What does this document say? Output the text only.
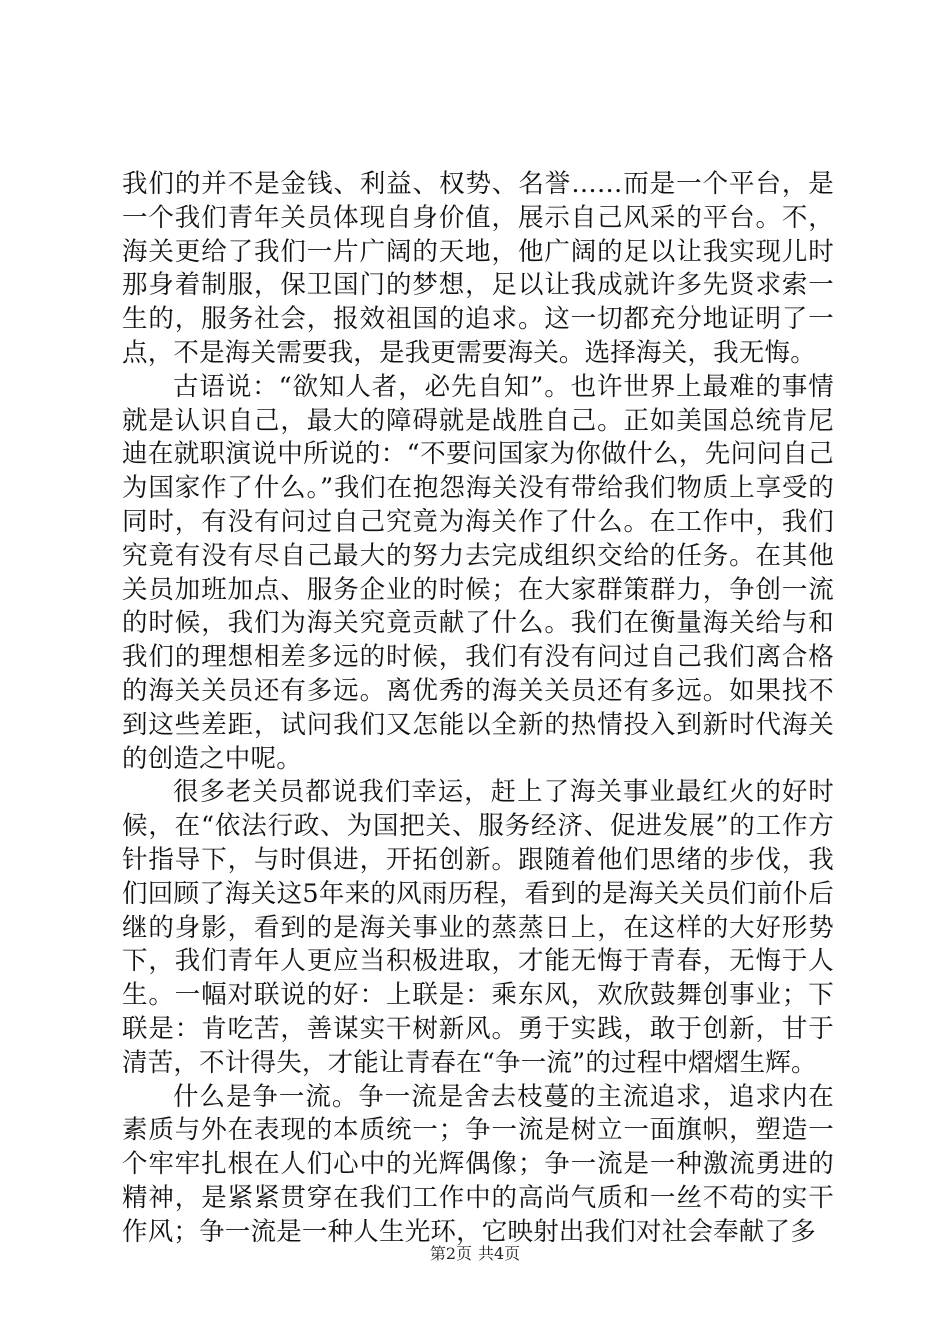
我们的并不是金钱、利益、权势、名誉……而是一个平台，是一个我们青年关员体现自身价值，展示自己风采的平台。不，海关更给了我们一片广阔的天地，他广阔的足以让我实现儿时那身着制服，保卫国门的梦想，足以让我成就许多先贤求索一生的，服务社会，报效祖国的追求。这一切都充分地证明了一点，不是海关需要我，是我更需要海关。选择海关，我无悔。

古语说：“欲知人者，必先自知”。也许世界上最难的事情就是认识自己，最大的障碍就是战胜自己。正如美国总统肯尼迪在就职演说中所说的：“不要问国家为你做什么，先问问自己为国家作了什么。”我们在抱怨海关没有带给我们物质上享受的同时，有没有问过自己究竟为海关作了什么。在工作中，我们究竟有没有尽自己最大的努力去完成组织交给的任务。在其他关员加班加点、服务企业的时候；在大家群策群力，争创一流的时候，我们为海关究竟贡献了什么。我们在衡量海关给与和我们的理想相差多远的时候，我们有没有问过自己我们离合格的海关关员还有多远。离优秀的海关关员还有多远。如果找不到这些差距，试问我们又怎能以全新的热情投入到新时代海关的创造之中呢。

很多老关员都说我们幸运，赶上了海关事业最红火的好时候，在“依法行政、为国把关、服务经济、促进发展”的工作方针指导下，与时俱进，开拓创新。跟随着他们思绪的步伐，我们回顾了海关这5年来的风雨历程，看到的是海关关员们前仆后继的身影，看到的是海关事业的蒸蒸日上，在这样的大好形势下，我们青年人更应当积极进取，才能无悔于青春，无悔于人生。一幅对联说的好：上联是：乘东风，欢欣鼓舞创事业；下联是：肯吃苦，善谋实干树新风。勇于实践，敢于创新，甘于清苦，不计得失，才能让青春在“争一流”的过程中熠熠生辉。

什么是争一流。争一流是舍去枝蔓的主流追求，追求内在素质与外在表现的本质统一；争一流是树立一面旗帜，塑造一个牢牢扎根在人们心中的光辉偶像；争一流是一种激流勇进的精神，是紧紧贯穿在我们工作中的高尚气质和一丝不苟的实干作风；争一流是一种人生光环，它映射出我们对社会奉献了多

第2页 共4页
